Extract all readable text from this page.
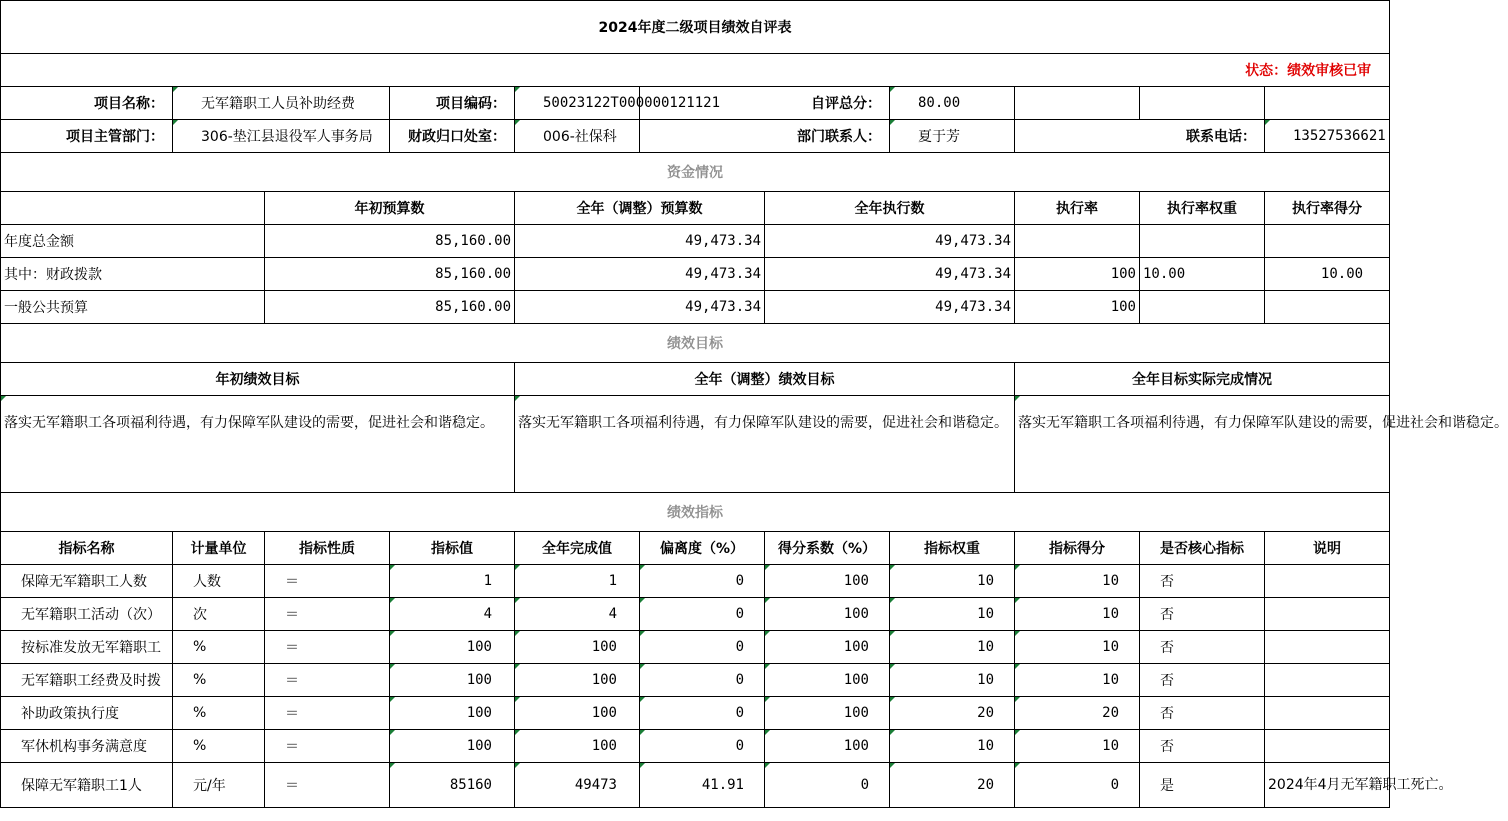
2024年度二级项目绩效自评表										
状态：绩效审核已审										
项目名称：	无军籍职工人员补助经费		项目编码：	50023122T000000121121	自评总分：		80.00			
项目主管部门：	306-垫江县退役军人事务局		财政归口处室：	006-社保科	部门联系人：		夏于芳	联系电话：		13527536621
资金情况										
		年初预算数		全年（调整）预算数		全年执行数		执行率	执行率权重	执行率得分
年度总金额		85,160.00		49,473.34		49,473.34				
其中：财政拨款		85,160.00		49,473.34		49,473.34		100	10.00	10.00
一般公共预算		85,160.00		49,473.34		49,473.34		100		
绩效目标										
年初绩效目标				全年（调整）绩效目标				全年目标实际完成情况		
落实无军籍职工各项福利待遇，有力保障军队建设的需要，促进社会和谐稳定。				落实无军籍职工各项福利待遇，有力保障军队建设的需要，促进社会和谐稳定。				落实无军籍职工各项福利待遇，有力保障军队建设的需要，促进社会和谐稳定。		
绩效指标										
指标名称	计量单位	指标性质	指标值	全年完成值	偏离度（%）	得分系数（%）	指标权重	指标得分	是否核心指标	说明
保障无军籍职工人数	人数	＝	1	1	0	100	10	10	否	
无军籍职工活动（次）	次	＝	4	4	0	100	10	10	否	
按标准发放无军籍职工	%	＝	100	100	0	100	10	10	否	
无军籍职工经费及时拨	%	＝	100	100	0	100	10	10	否	
补助政策执行度	%	＝	100	100	0	100	20	20	否	
军休机构事务满意度	%	＝	100	100	0	100	10	10	否	
保障无军籍职工1人	元/年	＝	85160	49473	41.91	0	20	0	是	2024年4月无军籍职工死亡。
